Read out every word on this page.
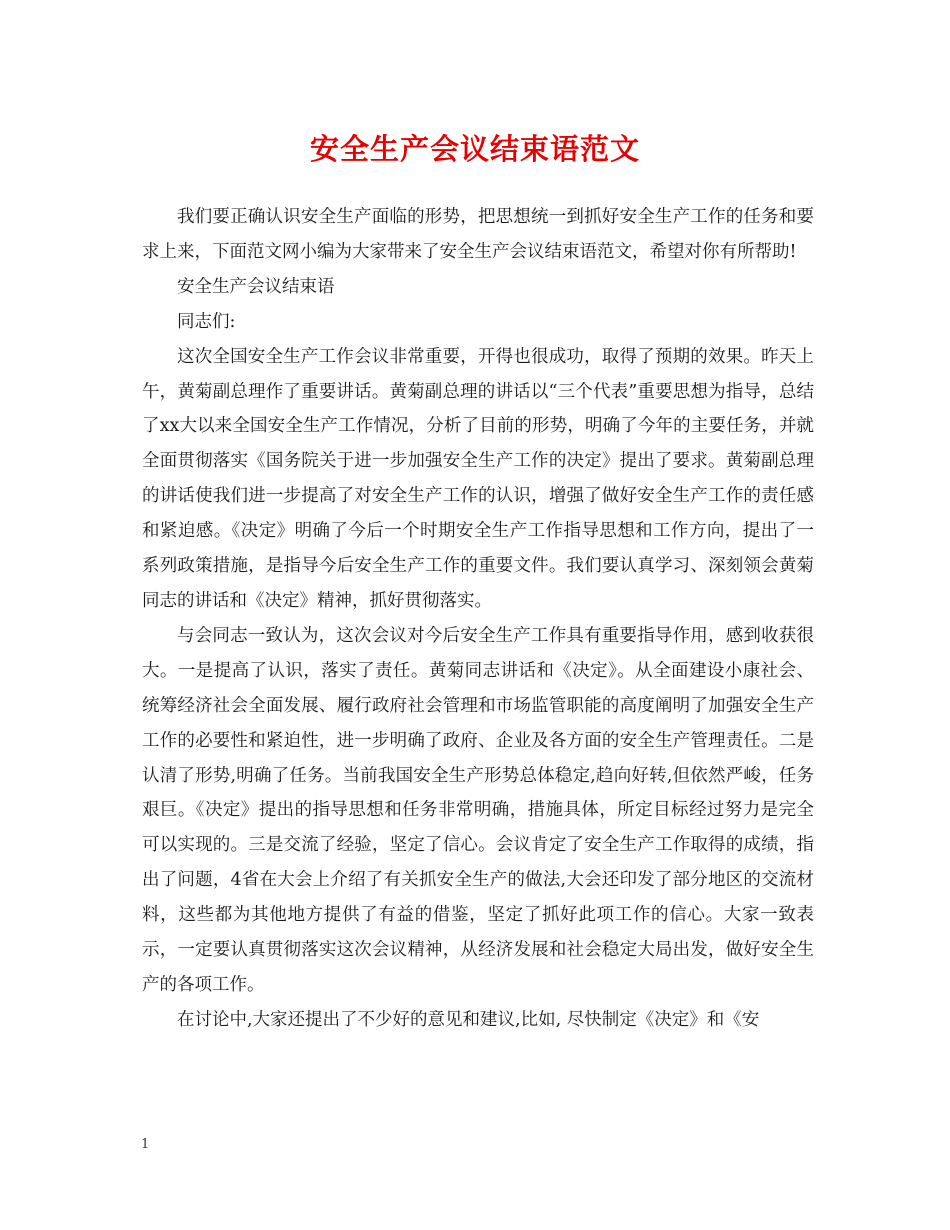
安全生产会议结束语范文

我们要正确认识安全生产面临的形势，把思想统一到抓好安全生产工作的任务和要求上来，下面范文网小编为大家带来了安全生产会议结束语范文，希望对你有所帮助!

安全生产会议结束语

同志们:

这次全国安全生产工作会议非常重要，开得也很成功，取得了预期的效果。昨天上午，黄菊副总理作了重要讲话。黄菊副总理的讲话以“三个代表”重要思想为指导，总结了xx大以来全国安全生产工作情况，分析了目前的形势，明确了今年的主要任务，并就全面贯彻落实《国务院关于进一步加强安全生产工作的决定》提出了要求。黄菊副总理的讲话使我们进一步提高了对安全生产工作的认识，增强了做好安全生产工作的责任感和紧迫感。《决定》明确了今后一个时期安全生产工作指导思想和工作方向，提出了一系列政策措施，是指导今后安全生产工作的重要文件。我们要认真学习、深刻领会黄菊同志的讲话和《决定》精神，抓好贯彻落实。

与会同志一致认为，这次会议对今后安全生产工作具有重要指导作用，感到收获很大。一是提高了认识，落实了责任。黄菊同志讲话和《决定》。从全面建设小康社会、统筹经济社会全面发展、履行政府社会管理和市场监管职能的高度阐明了加强安全生产工作的必要性和紧迫性，进一步明确了政府、企业及各方面的安全生产管理责任。二是认清了形势,明确了任务。当前我国安全生产形势总体稳定,趋向好转,但依然严峻，任务艰巨。《决定》提出的指导思想和任务非常明确，措施具体，所定目标经过努力是完全可以实现的。三是交流了经验，坚定了信心。会议肯定了安全生产工作取得的成绩，指出了问题，4省在大会上介绍了有关抓安全生产的做法,大会还印发了部分地区的交流材料，这些都为其他地方提供了有益的借鉴，坚定了抓好此项工作的信心。大家一致表示，一定要认真贯彻落实这次会议精神，从经济发展和社会稳定大局出发，做好安全生产的各项工作。

在讨论中,大家还提出了不少好的意见和建议,比如, 尽快制定《决定》和《安

1
